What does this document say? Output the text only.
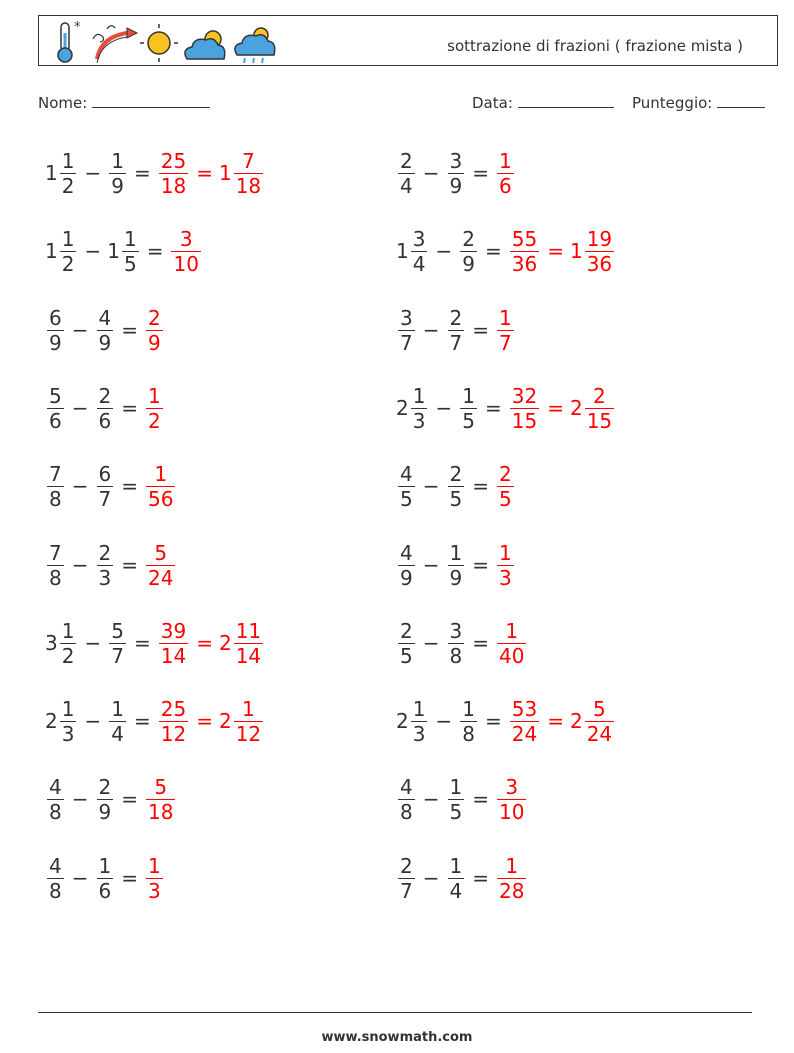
*
sottrazione di frazioni ( frazione mista )
Nome:	Data:	Punteggio:
$1 \frac{1}{2} - \frac{1}{9} = \frac{25}{18} = 1 \frac{7}{18}$	$\frac{2}{4} - \frac{3}{9} = \frac{1}{6}$
$1 \frac{1}{2} - 1 \frac{1}{5} = \frac{3}{10}$	$1 \frac{3}{4} - \frac{2}{9} = \frac{55}{36} = 1 \frac{19}{36}$
$\frac{6}{9} - \frac{4}{9} = \frac{2}{9}$	$\frac{3}{7} - \frac{2}{7} = \frac{1}{7}$
$\frac{5}{6} - \frac{2}{6} = \frac{1}{2}$	$2 \frac{1}{3} - \frac{1}{5} = \frac{32}{15} = 2 \frac{2}{15}$
$\frac{7}{8} - \frac{6}{7} = \frac{1}{56}$	$\frac{4}{5} - \frac{2}{5} = \frac{2}{5}$
$\frac{7}{8} - \frac{2}{3} = \frac{5}{24}$	$\frac{4}{9} - \frac{1}{9} = \frac{1}{3}$
$3 \frac{1}{2} - \frac{5}{7} = \frac{39}{14} = 2 \frac{11}{14}$	$\frac{2}{5} - \frac{3}{8} = \frac{1}{40}$
$2 \frac{1}{3} - \frac{1}{4} = \frac{25}{12} = 2 \frac{1}{12}$	$2 \frac{1}{3} - \frac{1}{8} = \frac{53}{24} = 2 \frac{5}{24}$
$\frac{4}{8} - \frac{2}{9} = \frac{5}{18}$	$\frac{4}{8} - \frac{1}{5} = \frac{3}{10}$
$\frac{4}{8} - \frac{1}{6} = \frac{1}{3}$	$\frac{2}{7} - \frac{1}{4} = \frac{1}{28}$
www.snowmath.com
